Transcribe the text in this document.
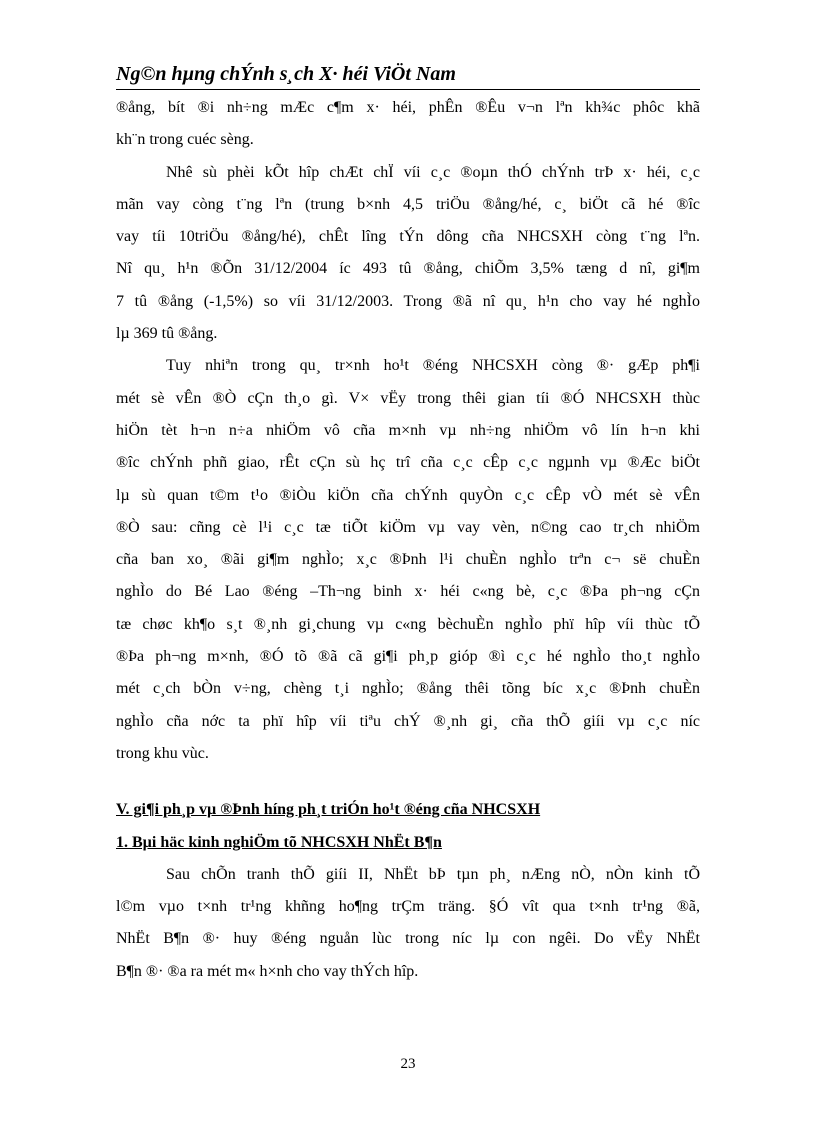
Ng©n hµng chÝnh s¸ch X· héi ViÖt Nam
®ång, bít ®i nh÷ng mÆc c¶m x· héi, phÊn ®Êu v¬n lªn kh¾c phôc khã
kh¨n trong cuéc sèng.
Nhê sù phèi kÕt hîp chÆt chÏ víi c¸c ®oµn thÓ chÝnh trÞ x· héi, c¸c
mãn vay còng t¨ng lªn (trung b×nh 4,5 triÖu ®ång/hé, c¸ biÖt cã hé ®îc
vay tíi 10triÖu ®ång/hé), chÊt lîng tÝn dông cña NHCSXH còng t¨ng lªn.
Nî qu¸ h¹n ®Õn 31/12/2004 íc 493 tû ®ång, chiÕm 3,5% tæng d nî, gi¶m
7 tû ®ång (-1,5%) so víi 31/12/2003. Trong ®ã nî qu¸ h¹n cho vay hé nghÌo
lµ 369 tû ®ång.
Tuy nhiªn trong qu¸ tr×nh ho¹t ®éng NHCSXH còng ®· gÆp ph¶i
mét sè vÊn ®Ò cÇn th¸o gì. V× vËy trong thêi gian tíi ®Ó NHCSXH thùc
hiÖn tèt h¬n n÷a nhiÖm vô cña m×nh vµ nh÷ng nhiÖm vô lín h¬n khi
®îc chÝnh phñ giao, rÊt cÇn sù hç trî cña c¸c cÊp c¸c ngµnh vµ ®Æc biÖt
lµ sù quan t©m t¹o ®iÒu kiÖn cña chÝnh quyÒn c¸c cÊp vÒ mét sè vÊn
®Ò sau: cñng cè l¹i c¸c tæ tiÕt kiÖm vµ vay vèn, n©ng cao tr¸ch nhiÖm
cña ban xo¸ ®ãi gi¶m nghÌo; x¸c ®Þnh l¹i chuÈn nghÌo trªn c¬ së chuÈn
nghÌo do Bé Lao ®éng –Th¬ng binh x· héi c«ng bè, c¸c ®Þa ph¬ng cÇn
tæ chøc kh¶o s¸t ®¸nh gi¸chung vµ c«ng bèchuÈn nghÌo phï hîp víi thùc tÕ
®Þa ph¬ng m×nh, ®Ó tõ ®ã cã gi¶i ph¸p gióp ®ì c¸c hé nghÌo tho¸t nghÌo
mét c¸ch bÒn v÷ng, chèng t¸i nghÌo; ®ång thêi tõng bíc x¸c ®Þnh chuÈn
nghÌo cña nớc ta phï hîp víi tiªu chÝ ®¸nh gi¸ cña thÕ giíi vµ c¸c níc
trong khu vùc.
V. gi¶i ph¸p vµ ®Þnh híng ph¸t triÓn ho¹t ®éng cña NHCSXH
1. Bµi häc kinh nghiÖm tõ NHCSXH NhËt B¶n
Sau chÕn tranh thÕ giíi II, NhËt bÞ tµn ph¸ nÆng nÒ, nÒn kinh tÕ
l©m vµo t×nh tr¹ng khñng ho¶ng trÇm träng. §Ó vît qua t×nh tr¹ng ®ã,
NhËt B¶n ®· huy ®éng nguån lùc trong níc lµ con ngêi. Do vËy NhËt
B¶n ®· ®a ra mét m« h×nh cho vay thÝch hîp.
23
